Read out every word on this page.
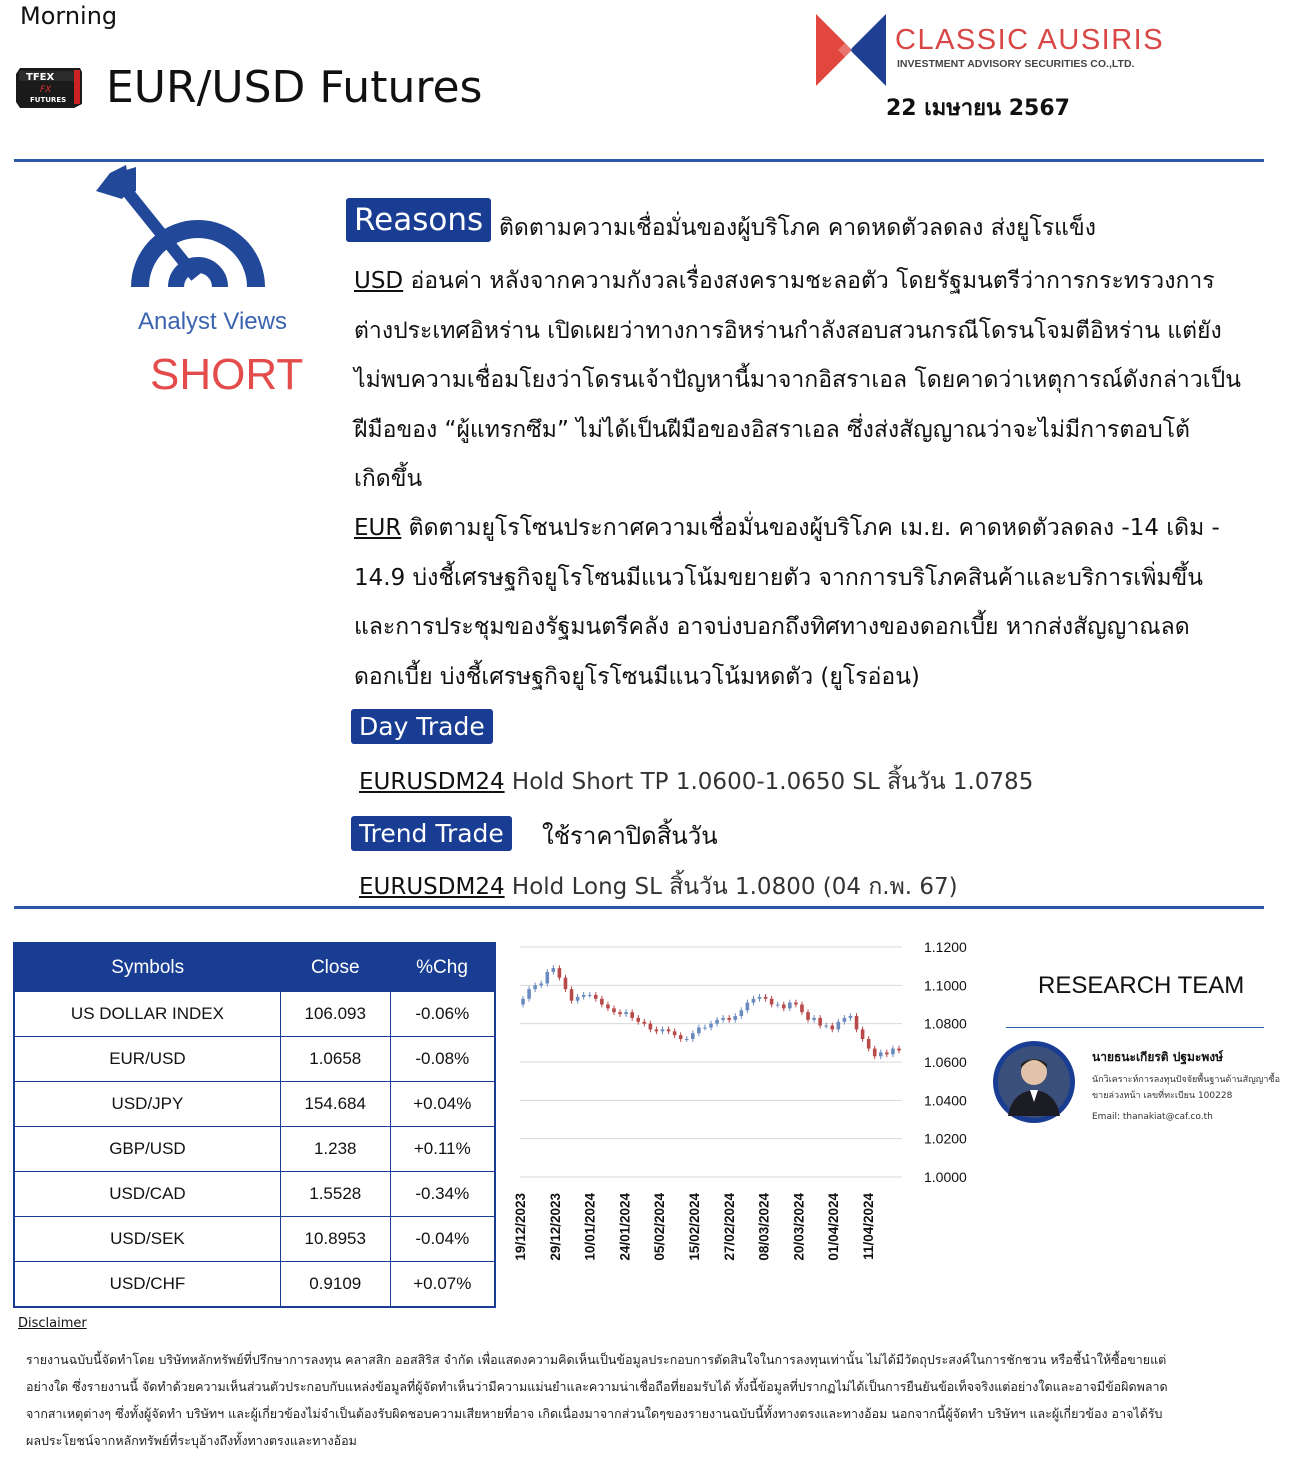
Morning
TFEX
FX
FUTURES EUR/USD Futures
CLASSIC AUSIRIS
INVESTMENT ADVISORY SECURITIES CO.,LTD.
22 เมษายน 2567
Analyst Views
SHORT
Reasons ติดตามความเชื่อมั่นของผู้บริโภค คาดหดตัวลดลง ส่งยูโรแข็ง
USD อ่อนค่า หลังจากความกังวลเรื่องสงครามชะลอตัว โดยรัฐมนตรีว่าการกระทรวงการ
ต่างประเทศอิหร่าน เปิดเผยว่าทางการอิหร่านกำลังสอบสวนกรณีโดรนโจมตีอิหร่าน แต่ยัง
ไม่พบความเชื่อมโยงว่าโดรนเจ้าปัญหานี้มาจากอิสราเอล โดยคาดว่าเหตุการณ์ดังกล่าวเป็น
ฝีมือของ “ผู้แทรกซึม” ไม่ได้เป็นฝีมือของอิสราเอล ซึ่งส่งสัญญาณว่าจะไม่มีการตอบโต้
เกิดขึ้น
EUR ติดตามยูโรโซนประกาศความเชื่อมั่นของผู้บริโภค เม.ย. คาดหดตัวลดลง -14 เดิม -
14.9 บ่งชี้เศรษฐกิจยูโรโซนมีแนวโน้มขยายตัว จากการบริโภคสินค้าและบริการเพิ่มขึ้น
และการประชุมของรัฐมนตรีคลัง อาจบ่งบอกถึงทิศทางของดอกเบี้ย หากส่งสัญญาณลด
ดอกเบี้ย บ่งชี้เศรษฐกิจยูโรโซนมีแนวโน้มหดตัว (ยูโรอ่อน)
Day Trade
EURUSDM24 Hold Short TP 1.0600-1.0650 SL สิ้นวัน 1.0785
Trend Trade	ใช้ราคาปิดสิ้นวัน
EURUSDM24 Hold Long SL สิ้นวัน 1.0800 (04 ก.พ. 67)
Symbols	Close	%Chg
US DOLLAR INDEX	106.093	-0.06%
EUR/USD	1.0658	-0.08%
USD/JPY	154.684	+0.04%
GBP/USD	1.238	+0.11%
USD/CAD	1.5528	-0.34%
USD/SEK	10.8953	-0.04%
USD/CHF	0.9109	+0.07%
1.1200
1.1000
1.0800
1.0600
1.0400
1.0200
1.0000
19/12/2023 29/12/2023 10/01/2024 24/01/2024 05/02/2024 15/02/2024 27/02/2024 08/03/2024 20/03/2024 01/04/2024 11/04/2024
RESEARCH TEAM
นายธนะเกียรติ ปฐมะพงษ์
นักวิเคราะห์การลงทุนปัจจัยพื้นฐานด้านสัญญาซื้อขายล่วงหน้า เลขที่ทะเบียน 100228
Email: thanakiat@caf.co.th
Disclaimer
รายงานฉบับนี้จัดทำโดย บริษัทหลักทรัพย์ที่ปรึกษาการลงทุน คลาสสิก ออสสิริส จำกัด เพื่อแสดงความคิดเห็นเป็นข้อมูลประกอบการตัดสินใจในการลงทุนเท่านั้น ไม่ได้มีวัตถุประสงค์ในการชักชวน หรือชี้นำให้ซื้อขายแต่
อย่างใด ซึ่งรายงานนี้ จัดทำด้วยความเห็นส่วนตัวประกอบกับแหล่งข้อมูลที่ผู้จัดทำเห็นว่ามีความแม่นยำและความน่าเชื่อถือที่ยอมรับได้ ทั้งนี้ข้อมูลที่ปรากฏไม่ได้เป็นการยืนยันข้อเท็จจริงแต่อย่างใดและอาจมีข้อผิดพลาด
จากสาเหตุต่างๆ ซึ่งทั้งผู้จัดทำ บริษัทฯ และผู้เกี่ยวข้องไม่จำเป็นต้องรับผิดชอบความเสียหายที่อาจ เกิดเนื่องมาจากส่วนใดๆของรายงานฉบับนี้ทั้งทางตรงและทางอ้อม นอกจากนี้ผู้จัดทำ บริษัทฯ และผู้เกี่ยวข้อง อาจได้รับ
ผลประโยชน์จากหลักทรัพย์ที่ระบุอ้างถึงทั้งทางตรงและทางอ้อม
